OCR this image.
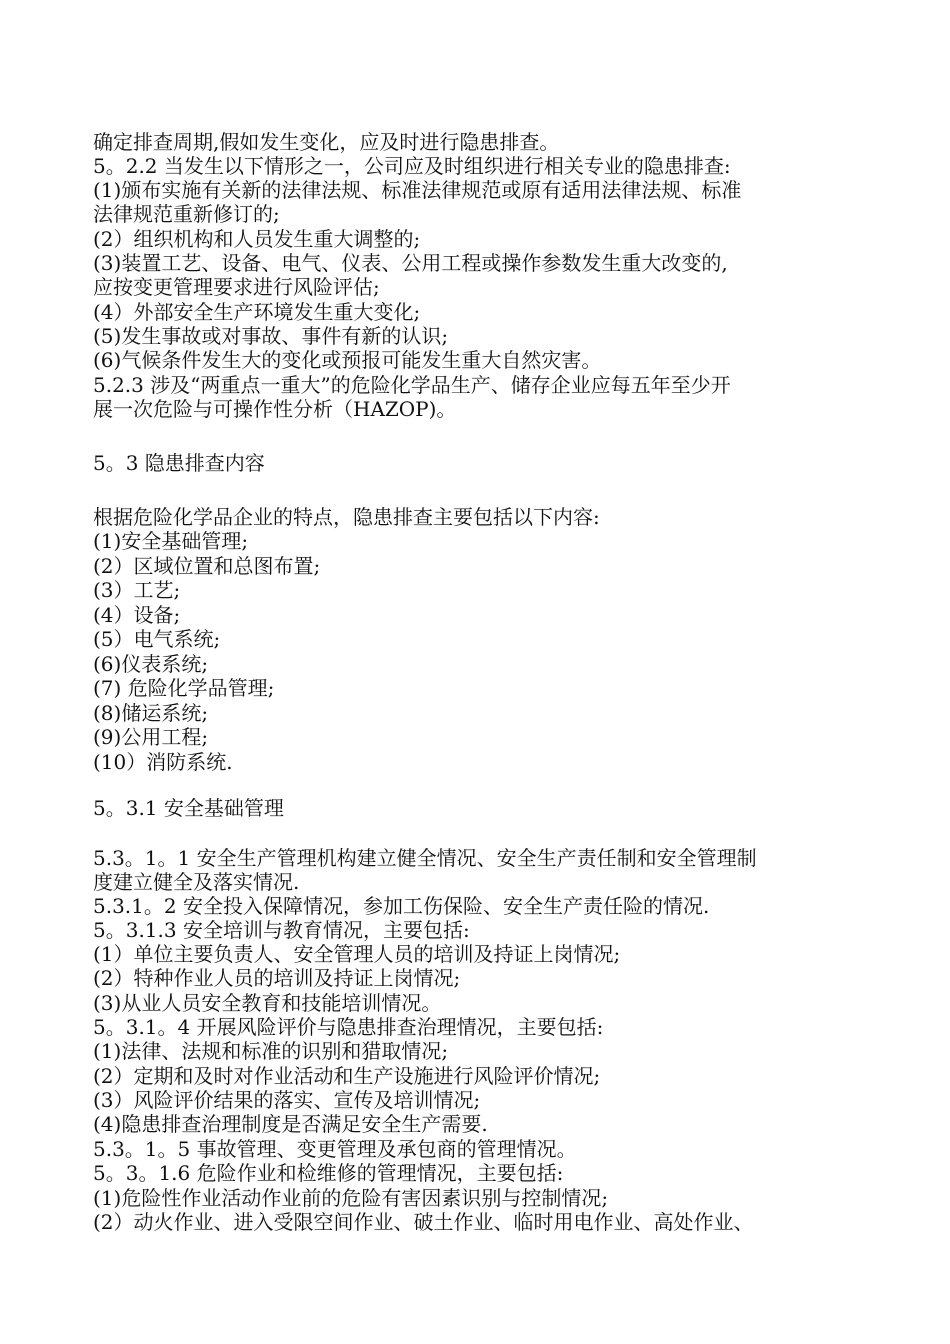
确定排查周期,假如发生变化，应及时进行隐患排查。

5。2.2 当发生以下情形之一，公司应及时组织进行相关专业的隐患排查:

(1)颁布实施有关新的法律法规、标准法律规范或原有适用法律法规、标准

法律规范重新修订的;

(2）组织机构和人员发生重大调整的;

(3)装置工艺、设备、电气、仪表、公用工程或操作参数发生重大改变的,

应按变更管理要求进行风险评估;

(4）外部安全生产环境发生重大变化;

(5)发生事故或对事故、事件有新的认识;

(6)气候条件发生大的变化或预报可能发生重大自然灾害。

5.2.3 涉及“两重点一重大”的危险化学品生产、储存企业应每五年至少开

展一次危险与可操作性分析（HAZOP)。

5。3 隐患排查内容

根据危险化学品企业的特点，隐患排查主要包括以下内容:

(1)安全基础管理;

(2）区域位置和总图布置;

(3）工艺;

(4）设备;

(5）电气系统;

(6)仪表系统;

(7) 危险化学品管理;

(8)储运系统;

(9)公用工程;

(10）消防系统.

5。3.1 安全基础管理

5.3。1。1 安全生产管理机构建立健全情况、安全生产责任制和安全管理制

度建立健全及落实情况.

5.3.1。2 安全投入保障情况，参加工伤保险、安全生产责任险的情况.

5。3.1.3 安全培训与教育情况，主要包括:

(1）单位主要负责人、安全管理人员的培训及持证上岗情况;

(2）特种作业人员的培训及持证上岗情况;

(3)从业人员安全教育和技能培训情况。

5。3.1。4 开展风险评价与隐患排查治理情况，主要包括:

(1)法律、法规和标准的识别和猎取情况;

(2）定期和及时对作业活动和生产设施进行风险评价情况;

(3）风险评价结果的落实、宣传及培训情况;

(4)隐患排查治理制度是否满足安全生产需要.

5.3。1。5 事故管理、变更管理及承包商的管理情况。

5。3。1.6 危险作业和检维修的管理情况，主要包括:

(1)危险性作业活动作业前的危险有害因素识别与控制情况;

(2）动火作业、进入受限空间作业、破土作业、临时用电作业、高处作业、
